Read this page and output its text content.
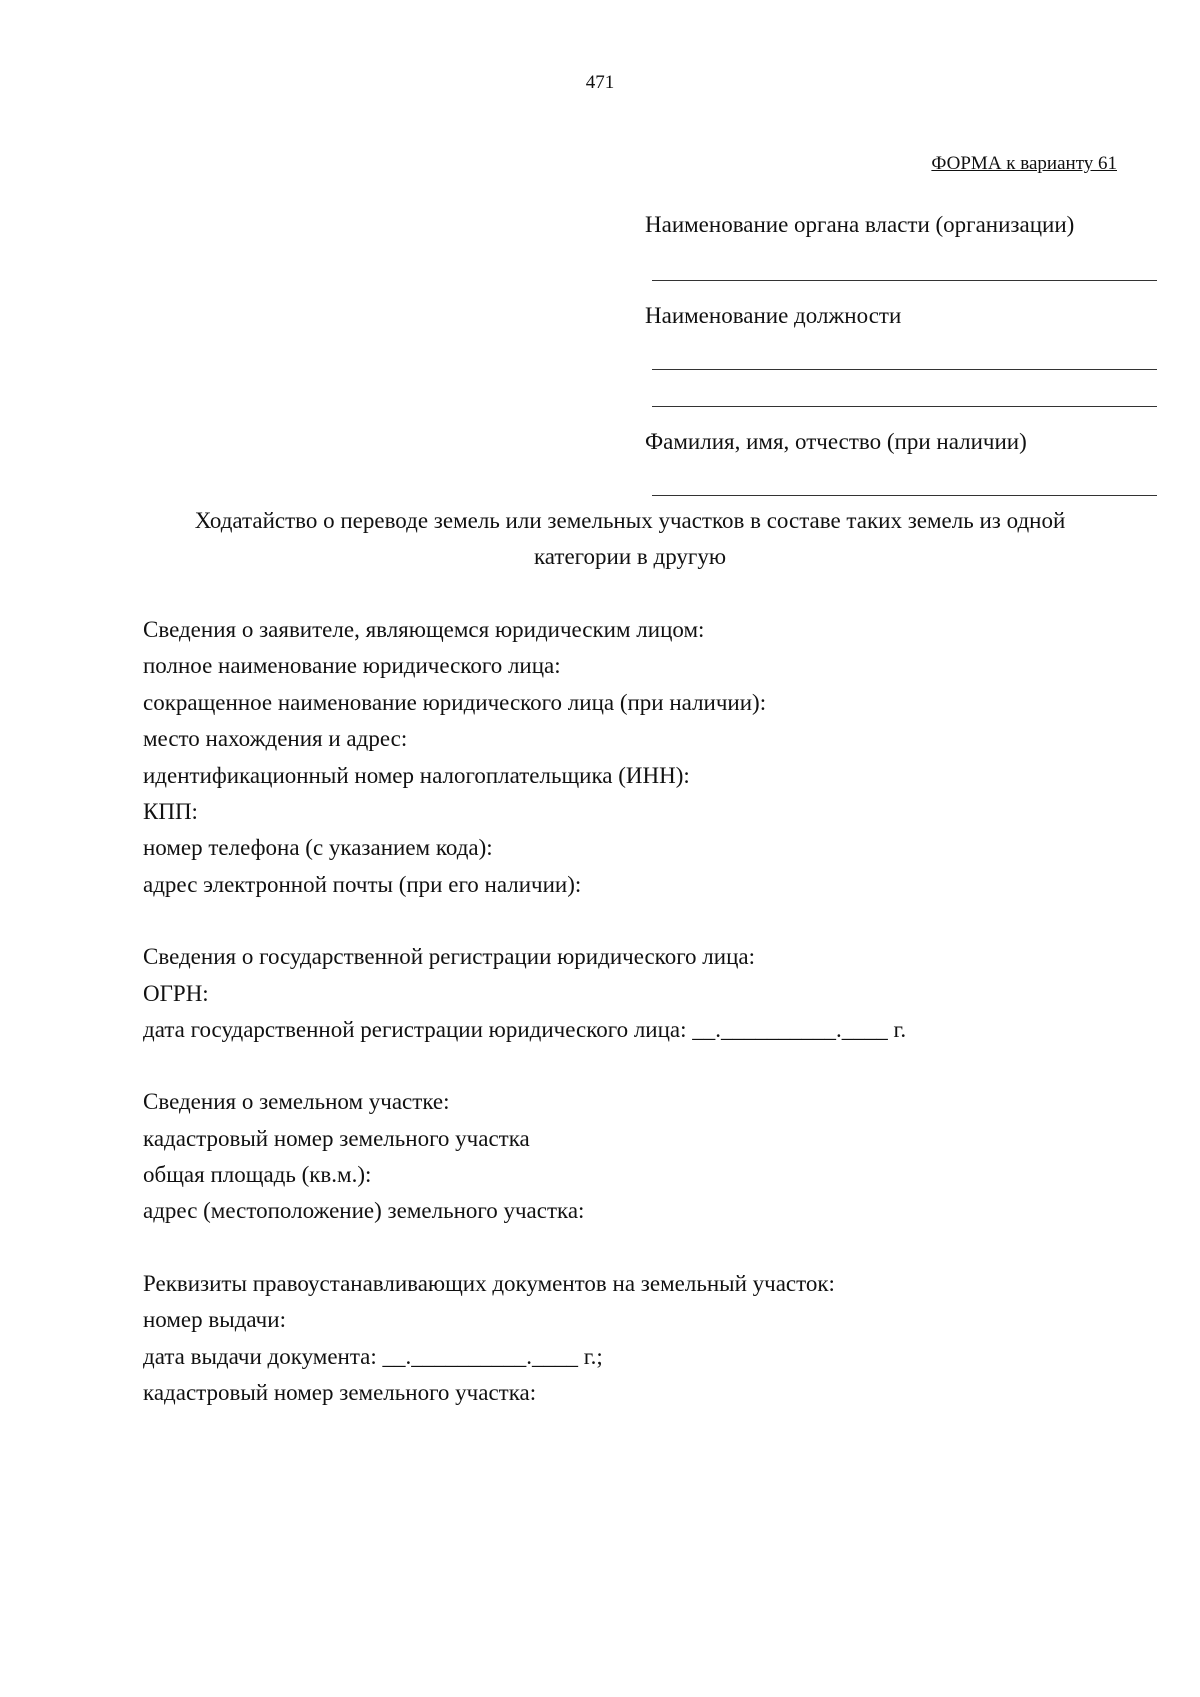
471
ФОРМА к варианту 61
Наименование органа власти (организации)
Наименование должности
Фамилия, имя, отчество (при наличии)
Ходатайство о переводе земель или земельных участков в составе таких земель из одной
категории в другую
Сведения о заявителе, являющемся юридическим лицом:
полное наименование юридического лица:
сокращенное наименование юридического лица (при наличии):
место нахождения и адрес:
идентификационный номер налогоплательщика (ИНН):
КПП:
номер телефона (с указанием кода):
адрес электронной почты (при его наличии):
Сведения о государственной регистрации юридического лица:
ОГРН:
дата государственной регистрации юридического лица: __.__________.____ г.
Сведения о земельном участке:
кадастровый номер земельного участка
общая площадь (кв.м.):
адрес (местоположение) земельного участка:
Реквизиты правоустанавливающих документов на земельный участок:
номер выдачи:
дата выдачи документа: __.__________.____ г.;
кадастровый номер земельного участка:
